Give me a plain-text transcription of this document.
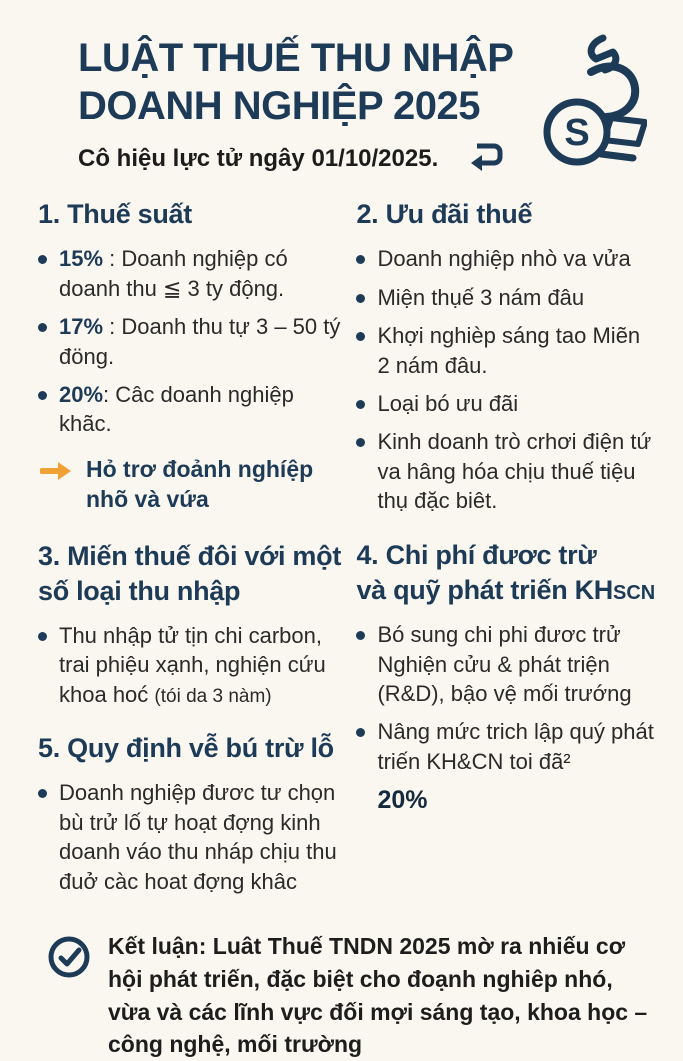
LUẬT THUẾ THU NHẬP
DOANH NGHIỆP 2025
Cô hiệu lực tử ngây 01/10/2025.
S
1. Thuế suất
15% : Doanh nghiệp có doanh thu ≦ 3 ty động.
17% : Doanh thu tự 3 – 50 tý đöng.
20%: Câc doanh nghiệp khãc.
Hỏ trơ đoảnh nghíệp nhõ và vứa
3. Miến thuế đôi với một số loại thu nhập
Thu nhập tử tịn chi carbon, trai phiệu xạnh, nghiện cứu khoa hoć (tói da 3 nàm)
5. Quy định vễ bú trừ lỗ
Doanh nghiệp đươc tư chọn bù trử lố tự hoạt đợng kinh doanh váo thu nháp chịu thu đuở càc hoat đợng khâc
2. Ưu đãi thuế
Doanh nghiệp nhò va vửa
Miện thụế 3 nám đâu
Khợi nghièp sáng tao Miẽn 2 nám đâu.
Loại bó ưu đãi
Kinh doanh trò crhơi điện tứ va hâng hóa chịu thuế tiệu thụ đặc biêt.
4. Chi phí đươc trừ
và quỹ phát triến KHSCN
Bó sung chi phi đươc trử Nghiện cửu & phát triện (R&D), bậo vệ mối trướng
Nâng mức trich lập quý phát triến KH&CN toi đã²
20%
Kết luận: Luât Thuế TNDN 2025 mờ ra nhiếu cơ hội phát triến, đặc biệt cho đoạnh nghiêp nhó, vừa và các lĩnh vực đối mợi sáng tạo, khoa học – công nghệ, mối trường
